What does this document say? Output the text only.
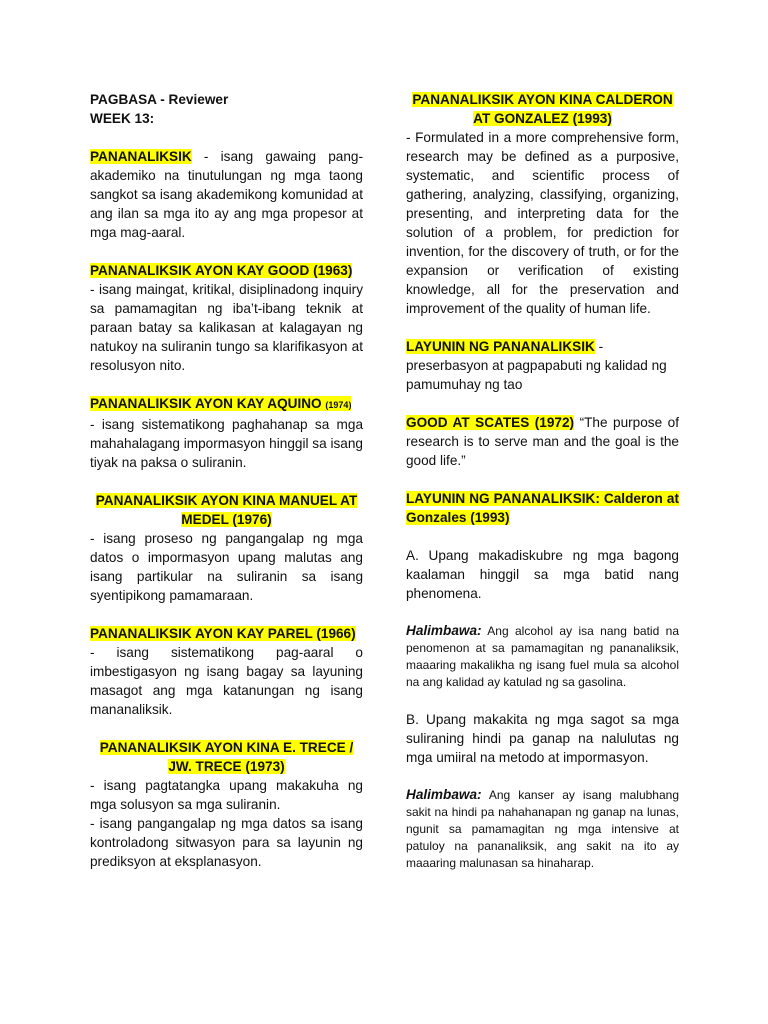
PAGBASA - Reviewer

WEEK 13:

PANANALIKSIK - isang gawaing pang-akademiko na tinutulungan ng mga taong sangkot sa isang akademikong komunidad at ang ilan sa mga ito ay ang mga propesor at mga mag-aaral.

PANANALIKSIK AYON KAY GOOD (1963)

- isang maingat, kritikal, disiplinadong inquiry sa pamamagitan ng iba’t-ibang teknik at paraan batay sa kalikasan at kalagayan ng natukoy na suliranin tungo sa klarifikasyon at resolusyon nito.

PANANALIKSIK AYON KAY AQUINO (1974)

- isang sistematikong paghahanap sa mga mahahalagang impormasyon hinggil sa isang tiyak na paksa o suliranin.

PANANALIKSIK AYON KINA MANUEL AT MEDEL (1976)

- isang proseso ng pangangalap ng mga datos o impormasyon upang malutas ang isang partikular na suliranin sa isang syentipikong pamamaraan.

PANANALIKSIK AYON KAY PAREL (1966)

- isang sistematikong pag-aaral o imbestigasyon ng isang bagay sa layuning masagot ang mga katanungan ng isang mananaliksik.

PANANALIKSIK AYON KINA E. TRECE / JW. TRECE (1973)

- isang pagtatangka upang makakuha ng mga solusyon sa mga suliranin.

- isang pangangalap ng mga datos sa isang kontroladong sitwasyon para sa layunin ng prediksyon at eksplanasyon.

PANANALIKSIK AYON KINA CALDERON AT GONZALEZ (1993)

- Formulated in a more comprehensive form, research may be defined as a purposive, systematic, and scientific process of gathering, analyzing, classifying, organizing, presenting, and interpreting data for the solution of a problem, for prediction for invention, for the discovery of truth, or for the expansion or verification of existing knowledge, all for the preservation and improvement of the quality of human life.

LAYUNIN NG PANANALIKSIK -

preserbasyon at pagpapabuti ng kalidad ng pamumuhay ng tao

GOOD AT SCATES (1972) “The purpose of research is to serve man and the goal is the good life.”

LAYUNIN NG PANANALIKSIK: Calderon at Gonzales (1993)

A. Upang makadiskubre ng mga bagong kaalaman hinggil sa mga batid nang phenomena.

Halimbawa: Ang alcohol ay isa nang batid na penomenon at sa pamamagitan ng pananaliksik, maaaring makalikha ng isang fuel mula sa alcohol na ang kalidad ay katulad ng sa gasolina.

B. Upang makakita ng mga sagot sa mga suliraning hindi pa ganap na nalulutas ng mga umiiral na metodo at impormasyon.

Halimbawa: Ang kanser ay isang malubhang sakit na hindi pa nahahanapan ng ganap na lunas, ngunit sa pamamagitan ng mga intensive at patuloy na pananaliksik, ang sakit na ito ay maaaring malunasan sa hinaharap.
